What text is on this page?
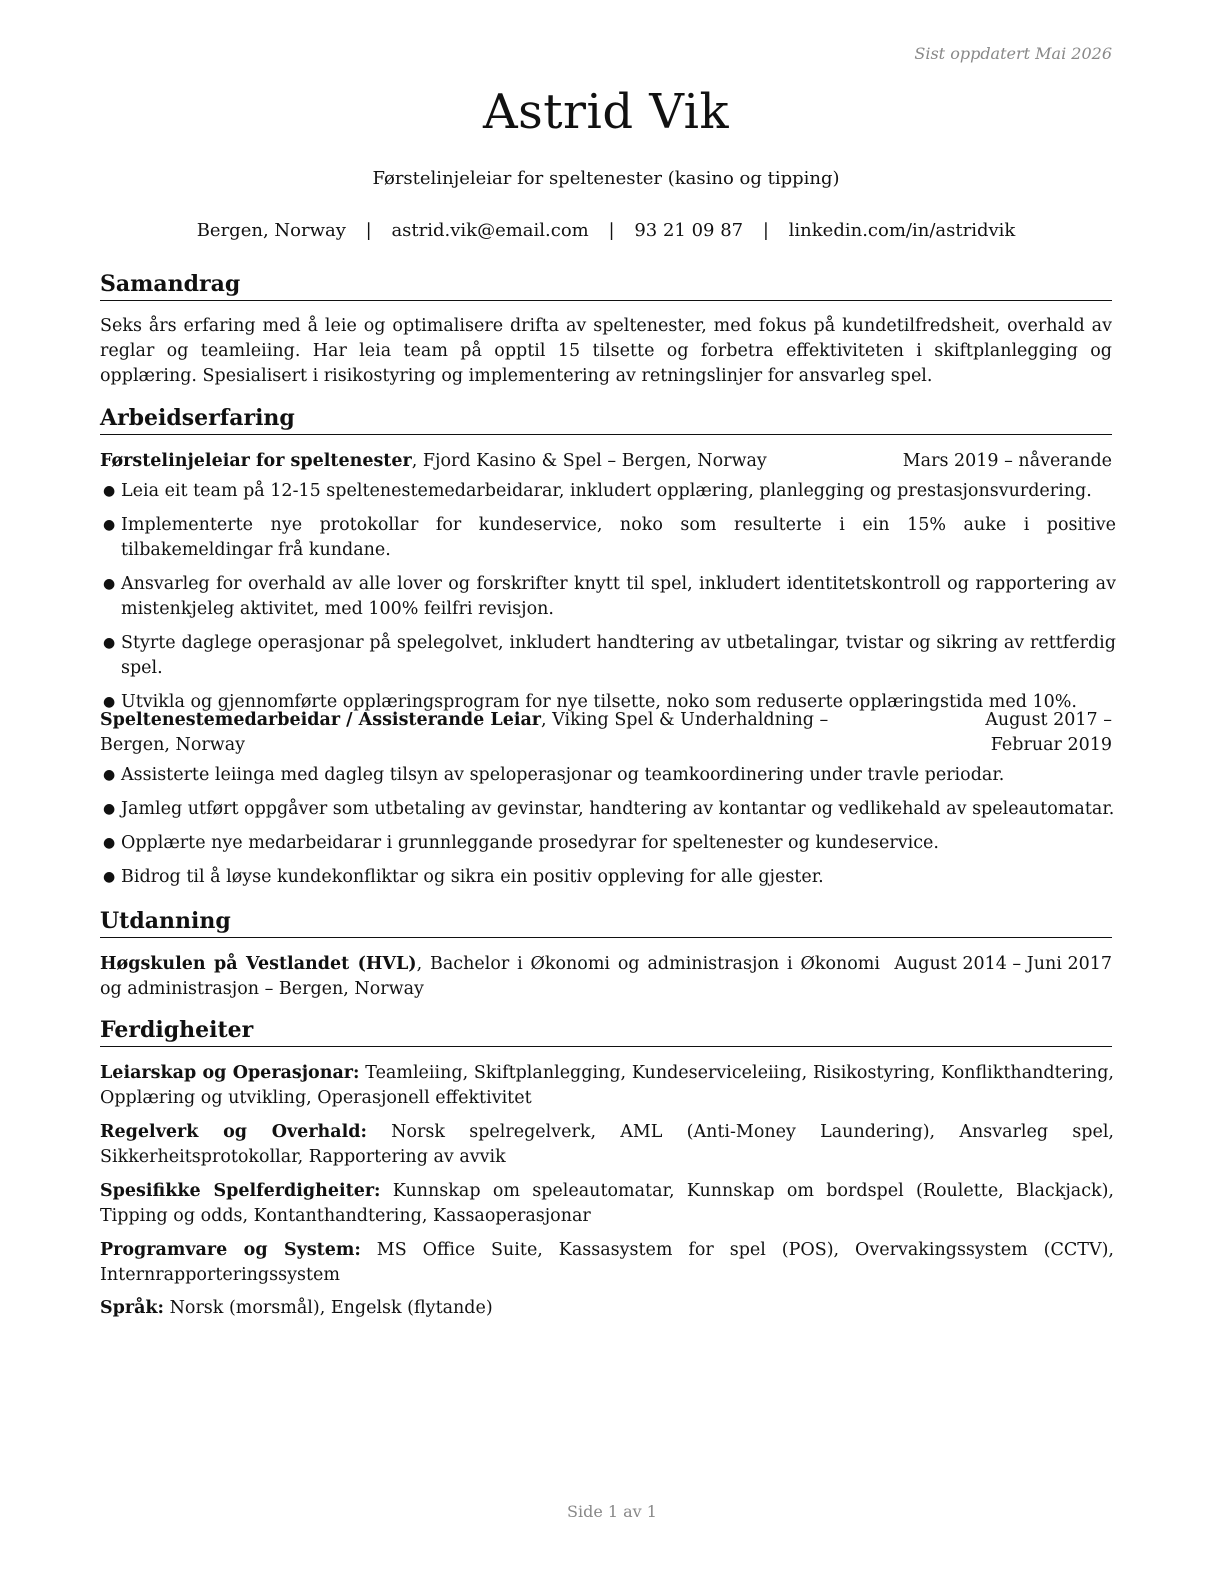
Sist oppdatert Mai 2026
Astrid Vik
Førstelinjeleiar for speltenester (kasino og tipping)
Bergen, Norway | astrid.vik@email.com | 93 21 09 87 | linkedin.com/in/astridvik
Samandrag
Seks års erfaring med å leie og optimalisere drifta av speltenester, med fokus på kundetilfredsheit, overhald av reglar og teamleiing. Har leia team på opptil 15 tilsette og forbetra effektiviteten i skiftplanlegging og opplæring. Spesialisert i risikostyring og implementering av retningslinjer for ansvarleg spel.
Arbeidserfaring
Førstelinjeleiar for speltenester, Fjord Kasino & Spel – Bergen, Norway	Mars 2019 – nåverande
● Leia eit team på 12-15 speltenestemedarbeidarar, inkludert opplæring, planlegging og prestasjonsvurdering.
● Implementerte nye protokollar for kundeservice, noko som resulterte i ein 15% auke i positive tilbakemeldingar frå kundane.
● Ansvarleg for overhald av alle lover og forskrifter knytt til spel, inkludert identitetskontroll og rapportering av mistenkjeleg aktivitet, med 100% feilfri revisjon.
● Styrte daglege operasjonar på spelegolvet, inkludert handtering av utbetalingar, tvistar og sikring av rettferdig spel.
● Utvikla og gjennomførte opplæringsprogram for nye tilsette, noko som reduserte opplæringstida med 10%.
Speltenestemedarbeidar / Assisterande Leiar, Viking Spel & Underhaldning – Bergen, Norway
August 2017 – Februar 2019
● Assisterte leiinga med dagleg tilsyn av speloperasjonar og teamkoordinering under travle periodar.
● Jamleg utført oppgåver som utbetaling av gevinstar, handtering av kontantar og vedlikehald av speleautomatar.
● Opplærte nye medarbeidarar i grunnleggande prosedyrar for speltenester og kundeservice.
● Bidrog til å løyse kundekonfliktar og sikra ein positiv oppleving for alle gjester.
Utdanning
Høgskulen på Vestlandet (HVL), Bachelor i Økonomi og administrasjon i Økonomi og administrasjon – Bergen, Norway
August 2014 – Juni 2017
Ferdigheiter
Leiarskap og Operasjonar: Teamleiing, Skiftplanlegging, Kundeserviceleiing, Risikostyring, Konflikthandtering, Opplæring og utvikling, Operasjonell effektivitet
Regelverk og Overhald: Norsk spelregelverk, AML (Anti-Money Laundering), Ansvarleg spel, Sikkerheitsprotokollar, Rapportering av avvik
Spesifikke Spelferdigheiter: Kunnskap om speleautomatar, Kunnskap om bordspel (Roulette, Blackjack), Tipping og odds, Kontanthandtering, Kassaoperasjonar
Programvare og System: MS Office Suite, Kassasystem for spel (POS), Overvakingssystem (CCTV), Internrapporteringssystem
Språk: Norsk (morsmål), Engelsk (flytande)
Side 1 av 1
